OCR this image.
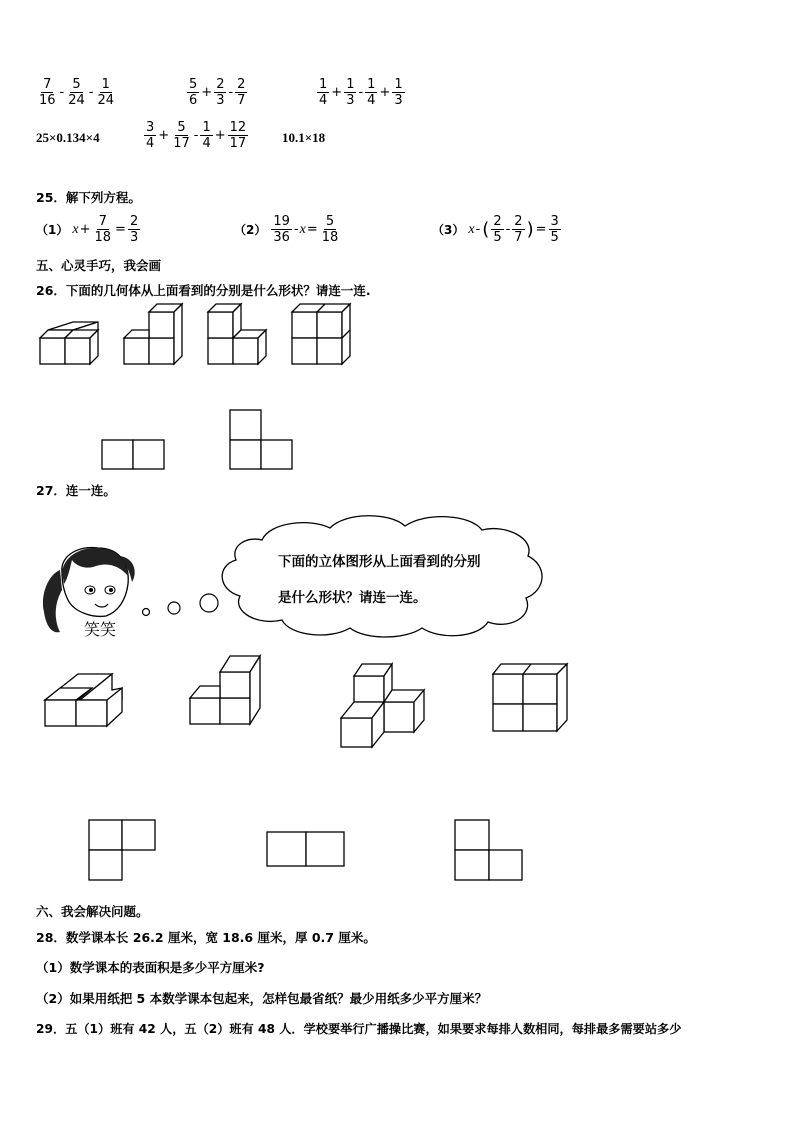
$\frac{7}{16} - \frac{5}{24} - \frac{1}{24}$	$\frac{5}{6} + \frac{2}{3} - \frac{2}{7}$	$\frac{1}{4} + \frac{1}{3} - \frac{1}{4} + \frac{1}{3}$
25×0.134×4	$\frac{3}{4} + \frac{5}{17} - \frac{1}{4} + \frac{12}{17}$	10.1×18
25．解下列方程。
（1） $x + \frac{7}{18} = \frac{2}{3}$	$(2) \frac{19}{36} - x = \frac{5}{18}$	（3） x - ( $\frac{2}{5} - \frac{2}{7}$ ) = $\frac{3}{5}$
五、心灵手巧，我会画
26．下面的几何体从上面看到的分别是什么形状？请连一连.
27．连一连。
笑笑
下面的立体图形从上面看到的分别
是什么形状？请连一连。
六、我会解决问题。
28．数学课本长 26.2 厘米，宽 18.6 厘米，厚 0.7 厘米。
（1）数学课本的表面积是多少平方厘米?
（2）如果用纸把 5 本数学课本包起来，怎样包最省纸？最少用纸多少平方厘米？
29．五（1）班有 42 人，五（2）班有 48 人．学校要举行广播操比赛，如果要求每排人数相同，每排最多需要站多少
